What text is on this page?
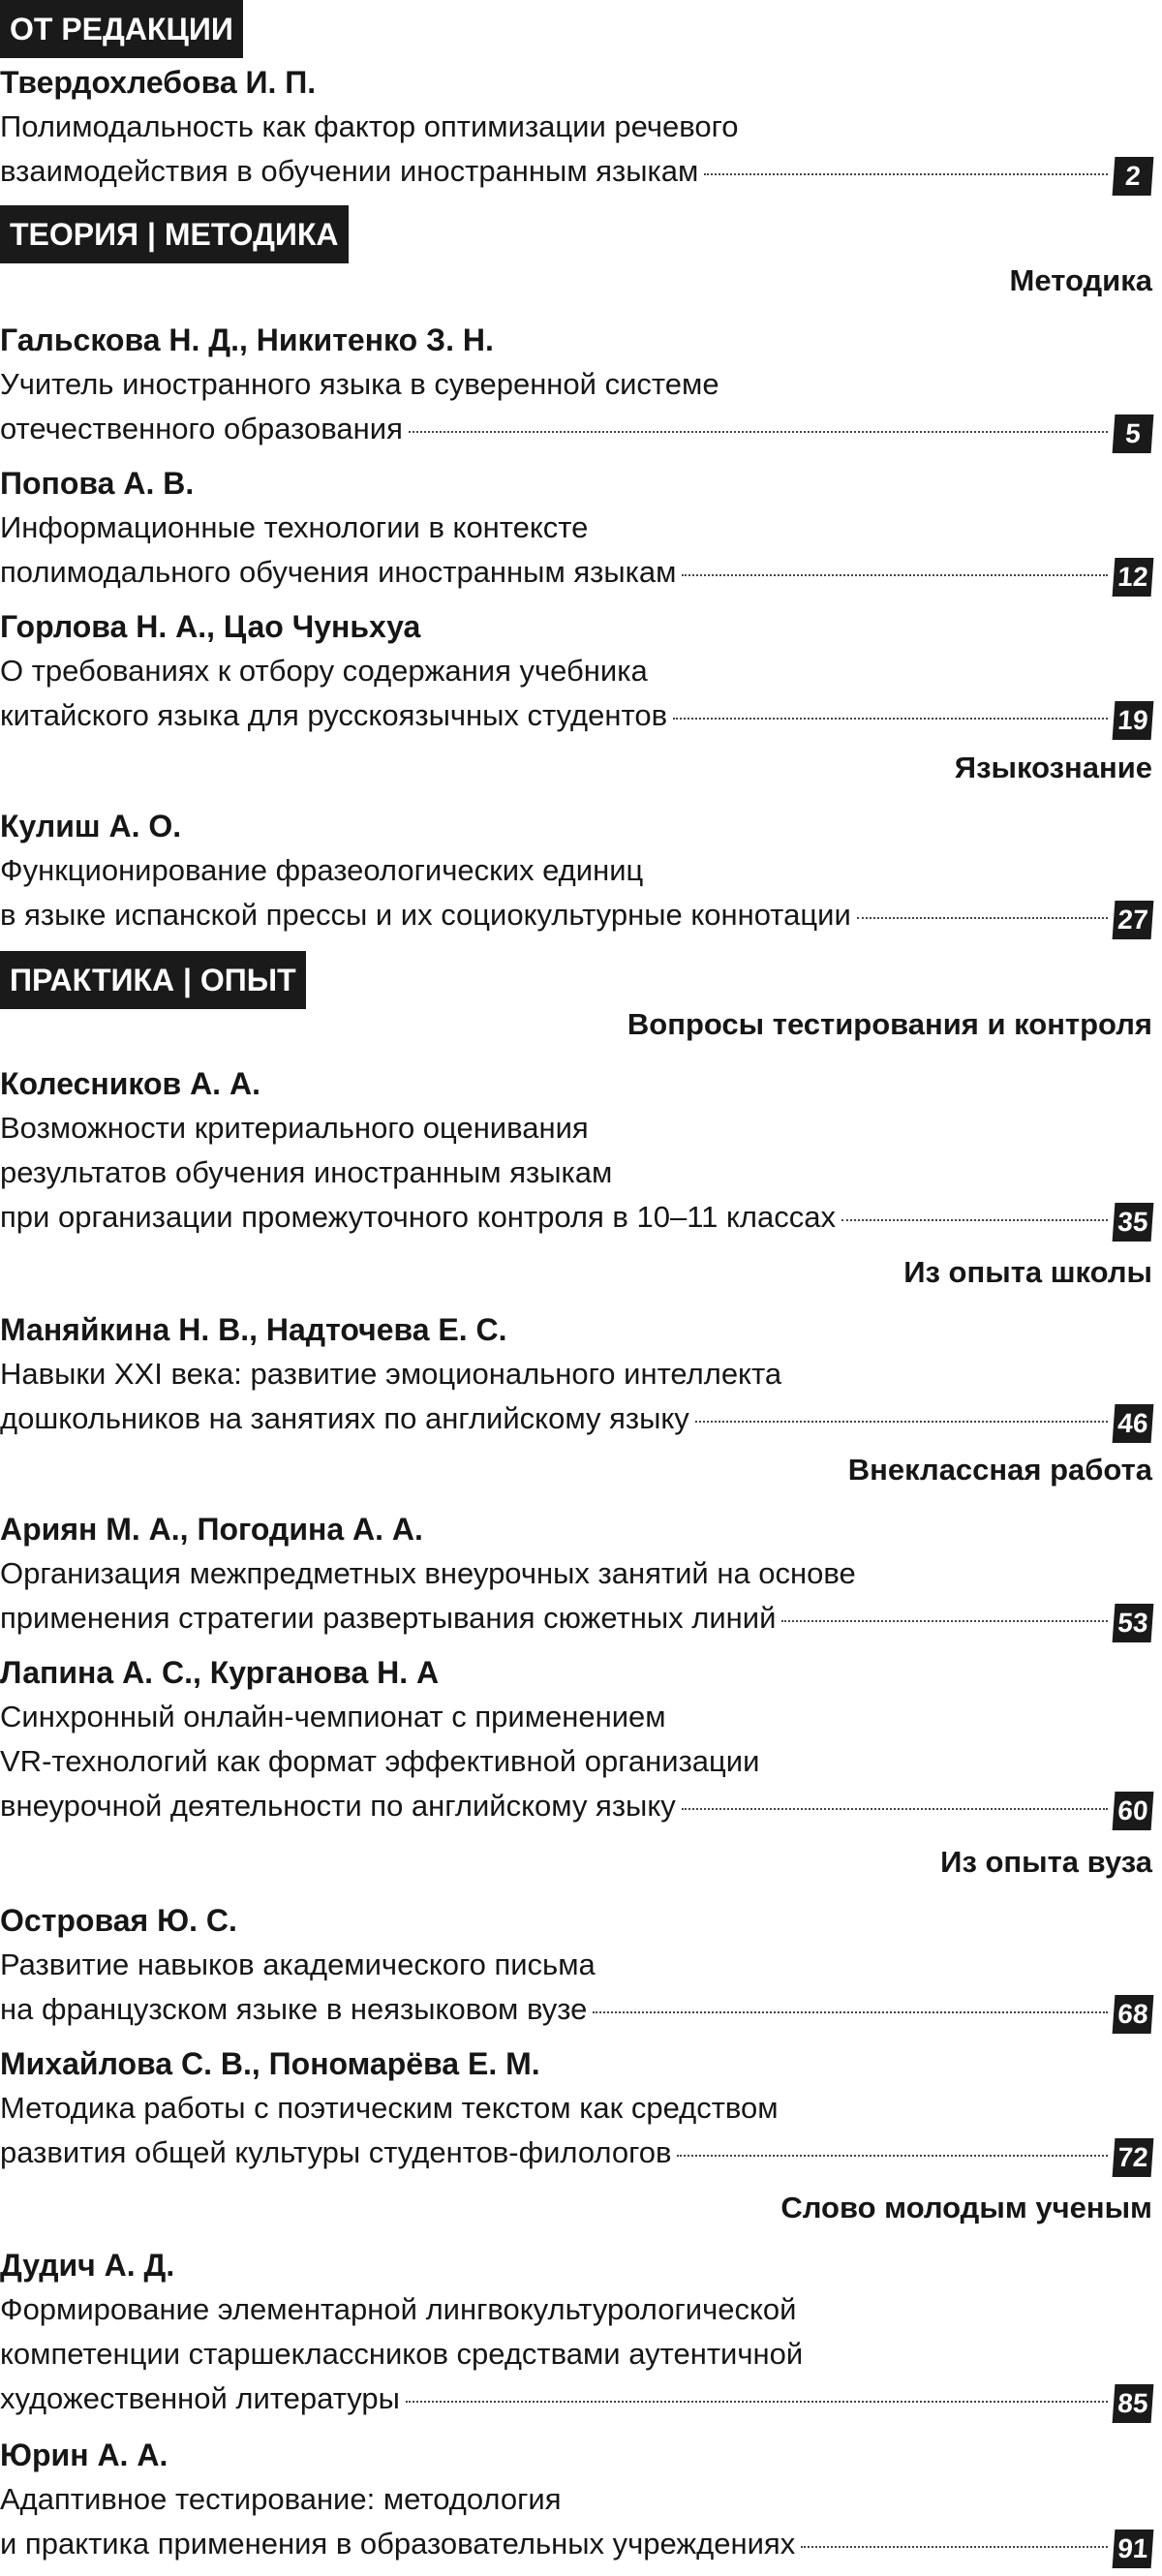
ОТ РЕДАКЦИИ
Твердохлебова И. П.
Полимодальность как фактор оптимизации речевого
взаимодействия в обучении иностранным языкам	2
ТЕОРИЯ | МЕТОДИКА
Методика
Гальскова Н. Д., Никитенко З. Н.
Учитель иностранного языка в суверенной системе
отечественного образования	5
Попова А. В.
Информационные технологии в контексте
полимодального обучения иностранным языкам	12
Горлова Н. А., Цао Чуньхуа
О требованиях к отбору содержания учебника
китайского языка для русскоязычных студентов	19
Языкознание
Кулиш А. О.
Функционирование фразеологических единиц
в языке испанской прессы и их социокультурные коннотации	27
ПРАКТИКА | ОПЫТ
Вопросы тестирования и контроля
Колесников А. А.
Возможности критериального оценивания
результатов обучения иностранным языкам
при организации промежуточного контроля в 10–11 классах	35
Из опыта школы
Маняйкина Н. В., Надточева Е. С.
Навыки XXI века: развитие эмоционального интеллекта
дошкольников на занятиях по английскому языку	46
Внеклассная работа
Ариян М. А., Погодина А. А.
Организация межпредметных внеурочных занятий на основе
применения стратегии развертывания сюжетных линий	53
Лапина А. С., Курганова Н. А
Синхронный онлайн-чемпионат с применением
VR-технологий как формат эффективной организации
внеурочной деятельности по английскому языку	60
Из опыта вуза
Островая Ю. С.
Развитие навыков академического письма
на французском языке в неязыковом вузе	68
Михайлова С. В., Пономарёва Е. М.
Методика работы с поэтическим текстом как средством
развития общей культуры студентов-филологов	72
Слово молодым ученым
Дудич А. Д.
Формирование элементарной лингвокультурологической
компетенции старшеклассников средствами аутентичной
художественной литературы	85
Юрин А. А.
Адаптивное тестирование: методология
и практика применения в образовательных учреждениях	91
